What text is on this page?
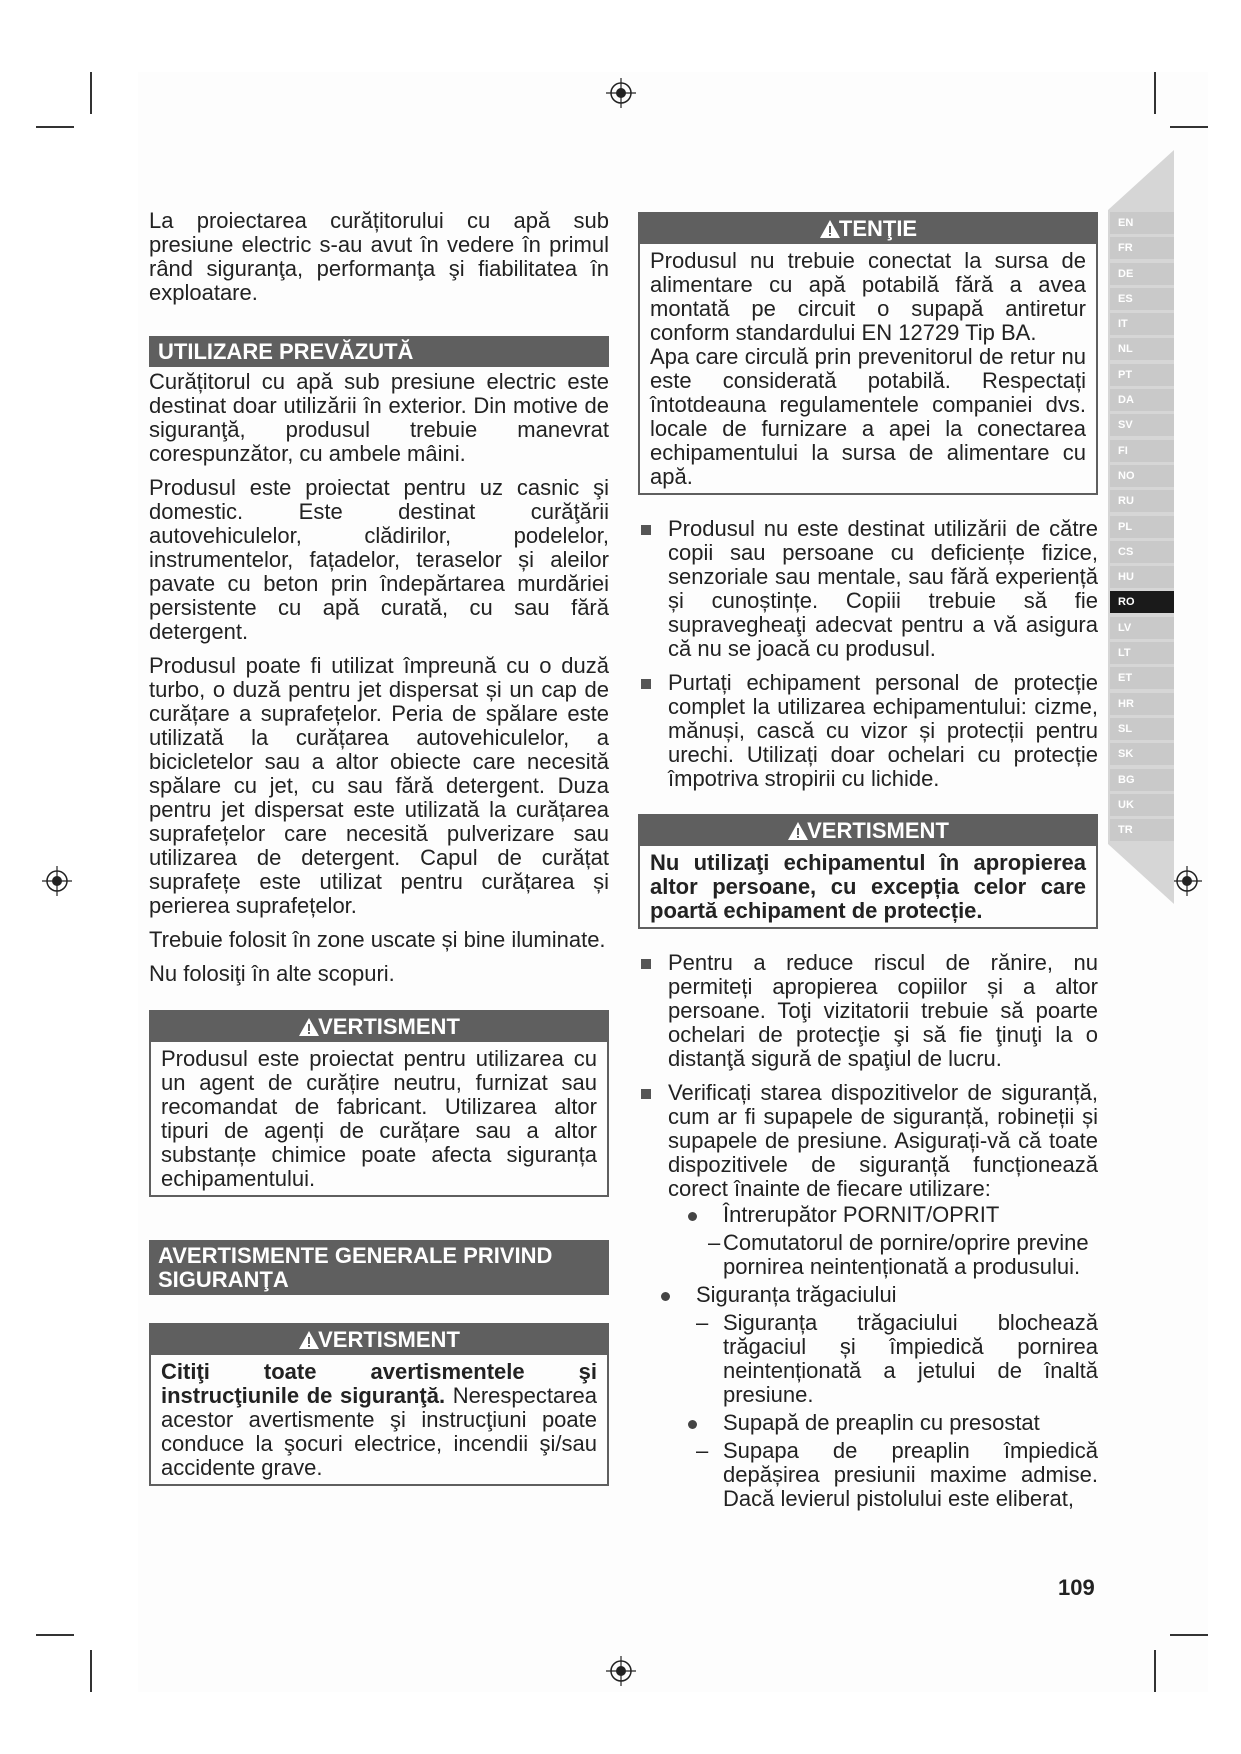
EN
FR
DE
ES
IT
NL
PT
DA
SV
FI
NO
RU
PL
CS
HU
RO
LV
LT
ET
HR
SL
SK
BG
UK
TR

La proiectarea curățitorului cu apă sub presiune electric s-au avut în vedere în primul rând siguranţa, performanţa şi fiabilitatea în exploatare.

UTILIZARE PREVĂZUTĂ

Curățitorul cu apă sub presiune electric este destinat doar utilizării în exterior. Din motive de siguranţă, produsul trebuie manevrat corespunzător, cu ambele mâini.

Produsul este proiectat pentru uz casnic şi domestic. Este destinat curăţării autovehiculelor, clădirilor, podelelor, instrumentelor, fațadelor, teraselor și aleilor pavate cu beton prin îndepărtarea murdăriei persistente cu apă curată, cu sau fără detergent.

Produsul poate fi utilizat împreună cu o duză turbo, o duză pentru jet dispersat și un cap de curățare a suprafețelor. Peria de spălare este utilizată la curățarea autovehiculelor, a bicicletelor sau a altor obiecte care necesită spălare cu jet, cu sau fără detergent. Duza pentru jet dispersat este utilizată la curățarea suprafețelor care necesită pulverizare sau utilizarea de detergent. Capul de curățat suprafețe este utilizat pentru curățarea și perierea suprafețelor.

Trebuie folosit în zone uscate și bine iluminate.

Nu folosiţi în alte scopuri.

VERTISMENT

Produsul este proiectat pentru utilizarea cu un agent de curățire neutru, furnizat sau recomandat de fabricant. Utilizarea altor tipuri de agenți de curățare sau a altor substanțe chimice poate afecta siguranța echipamentului.

AVERTISMENTE GENERALE PRIVIND
SIGURANŢA
VERTISMENT

Citiţi toate avertismentele şi instrucţiunile de siguranţă. Nerespectarea acestor avertismente şi instrucţiuni poate conduce la şocuri electrice, incendii şi/sau accidente grave.

TENŢIE

Produsul nu trebuie conectat la sursa de alimentare cu apă potabilă fără a avea montată pe circuit o supapă antiretur conform standardului EN 12729 Tip BA.

Apa care circulă prin prevenitorul de retur nu este considerată potabilă. Respectați întotdeauna regulamentele companiei dvs. locale de furnizare a apei la conectarea echipamentului la sursa de alimentare cu apă.

Produsul nu este destinat utilizării de către copii sau persoane cu deficiențe fizice, senzoriale sau mentale, sau fără experiență și cunoștințe. Copiii trebuie să fie supravegheaţi adecvat pentru a vă asigura că nu se joacă cu produsul.
Purtați echipament personal de protecție complet la utilizarea echipamentului: cizme, mănuși, cască cu vizor și protecții pentru urechi. Utilizați doar ochelari cu protecție împotriva stropirii cu lichide.
VERTISMENT

Nu utilizaţi echipamentul în apropierea altor persoane, cu excepția celor care poartă echipament de protecție.

Pentru a reduce riscul de rănire, nu permiteți apropierea copiilor și a altor persoane. Toţi vizitatorii trebuie să poarte ochelari de protecţie şi să fie ţinuţi la o distanţă sigură de spaţiul de lucru.
Verificați starea dispozitivelor de siguranță, cum ar fi supapele de siguranță, robineții și supapele de presiune. Asigurați-vă că toate dispozitivele de siguranță funcționează corect înainte de fiecare utilizare:
Întrerupător PORNIT/OPRIT
– Comutatorul de pornire/oprire previne pornirea neintenționată a produsului.
Siguranța trăgaciului
– Siguranța trăgaciului blochează trăgaciul și împiedică pornirea neintenționată a jetului de înaltă presiune.
Supapă de preaplin cu presostat
– Supapa de preaplin împiedică depășirea presiunii maxime admise. Dacă levierul pistolului este eliberat,
109
